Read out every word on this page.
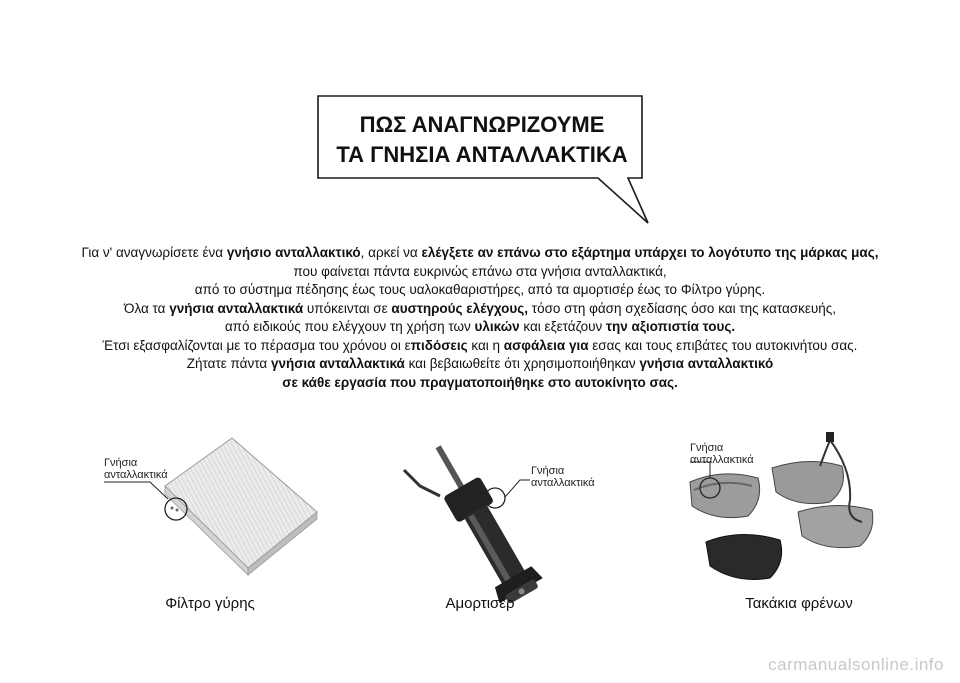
ΠΩΣ ΑΝΑΓΝΩΡΙΖΟΥΜΕ
ΤΑ ΓΝΗΣΙΑ ΑΝΤΑΛΛΑΚΤΙΚΑ

Για ν' αναγνωρίσετε ένα γνήσιο ανταλλακτικό, αρκεί να ελέγξετε αν επάνω στο εξάρτημα υπάρχει το λογότυπο της μάρκας μας,

που φαίνεται πάντα ευκρινώς επάνω στα γνήσια ανταλλακτικά,

από το σύστημα πέδησης έως τους υαλοκαθαριστήρες, από τα αμορτισέρ έως το Φίλτρο γύρης.

Όλα τα γνήσια ανταλλακτικά υπόκεινται σε αυστηρούς ελέγχους, τόσο στη φάση σχεδίασης όσο και της κατασκευής,

από ειδικούς που ελέγχουν τη χρήση των υλικών και εξετάζουν την αξιοπιστία τους.

Έτσι εξασφαλίζονται με το πέρασμα του χρόνου οι επιδόσεις και η ασφάλεια για εσας και τους επιβάτες του αυτοκινήτου σας.

Ζήτατε πάντα γνήσια ανταλλακτικά και βεβαιωθείτε ότι χρησιμοποιήθηκαν γνήσια ανταλλακτικό

σε κάθε εργασία που πραγματοποιήθηκε στο αυτοκίνητο σας.

Γνήσια
ανταλλακτικά
Φίλτρο γύρης
Γνήσια
ανταλλακτικά
Αμορτισέρ
Γνήσια
ανταλλακτικά
Τακάκια φρένων
carmanualsonline.info
